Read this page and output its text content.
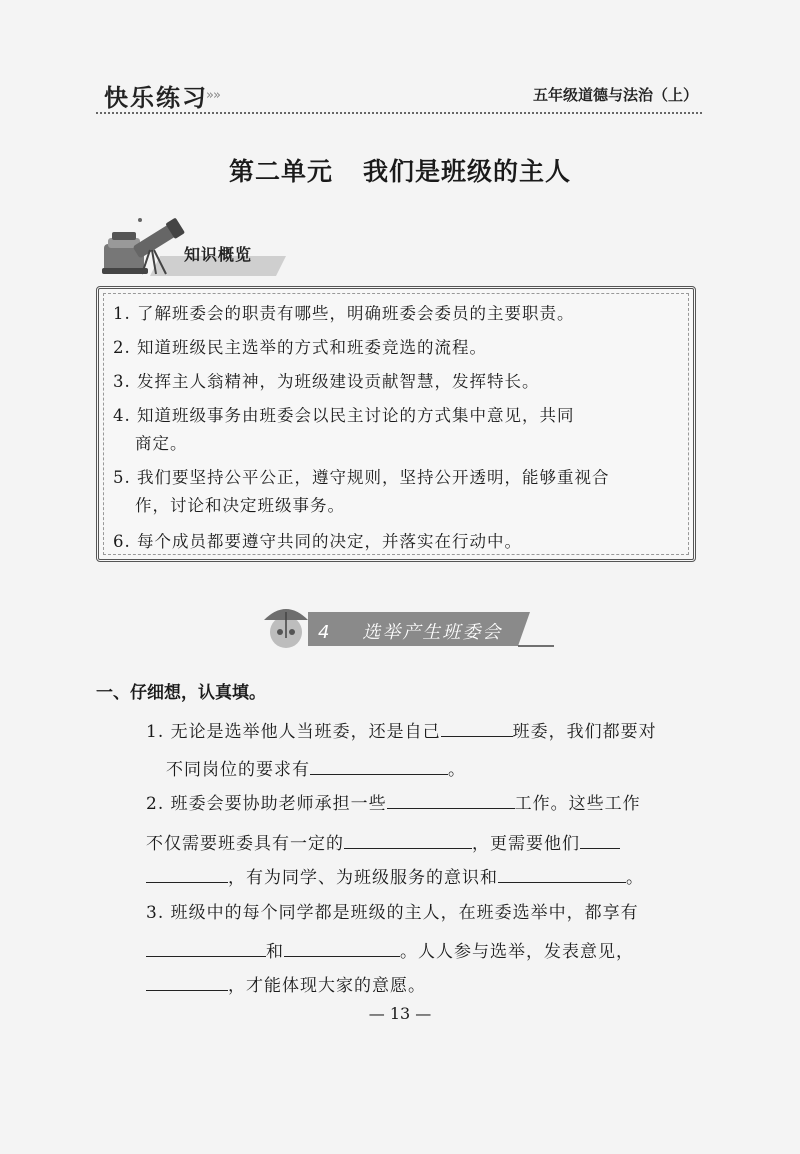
快乐练习
»»	五年级道德与法治（上）
第二单元 我们是班级的主人
知识概览
1. 了解班委会的职责有哪些，明确班委会委员的主要职责。
2. 知道班级民主选举的方式和班委竞选的流程。
3. 发挥主人翁精神，为班级建设贡献智慧，发挥特长。
4. 知道班级事务由班委会以民主讨论的方式集中意见，共同
商定。
5. 我们要坚持公平公正，遵守规则，坚持公开透明，能够重视合
作，讨论和决定班级事务。
6. 每个成员都要遵守共同的决定，并落实在行动中。
4 选举产生班委会
一、仔细想，认真填。
1. 无论是选举他人当班委，还是自己	班委，我们都要对
不同岗位的要求有	。
2. 班委会要协助老师承担一些	工作。这些工作
不仅需要班委具有一定的	，更需要他们
，有为同学、为班级服务的意识和	。
3. 班级中的每个同学都是班级的主人，在班委选举中，都享有
和	。人人参与选举，发表意见，
，才能体现大家的意愿。
— 13 —
